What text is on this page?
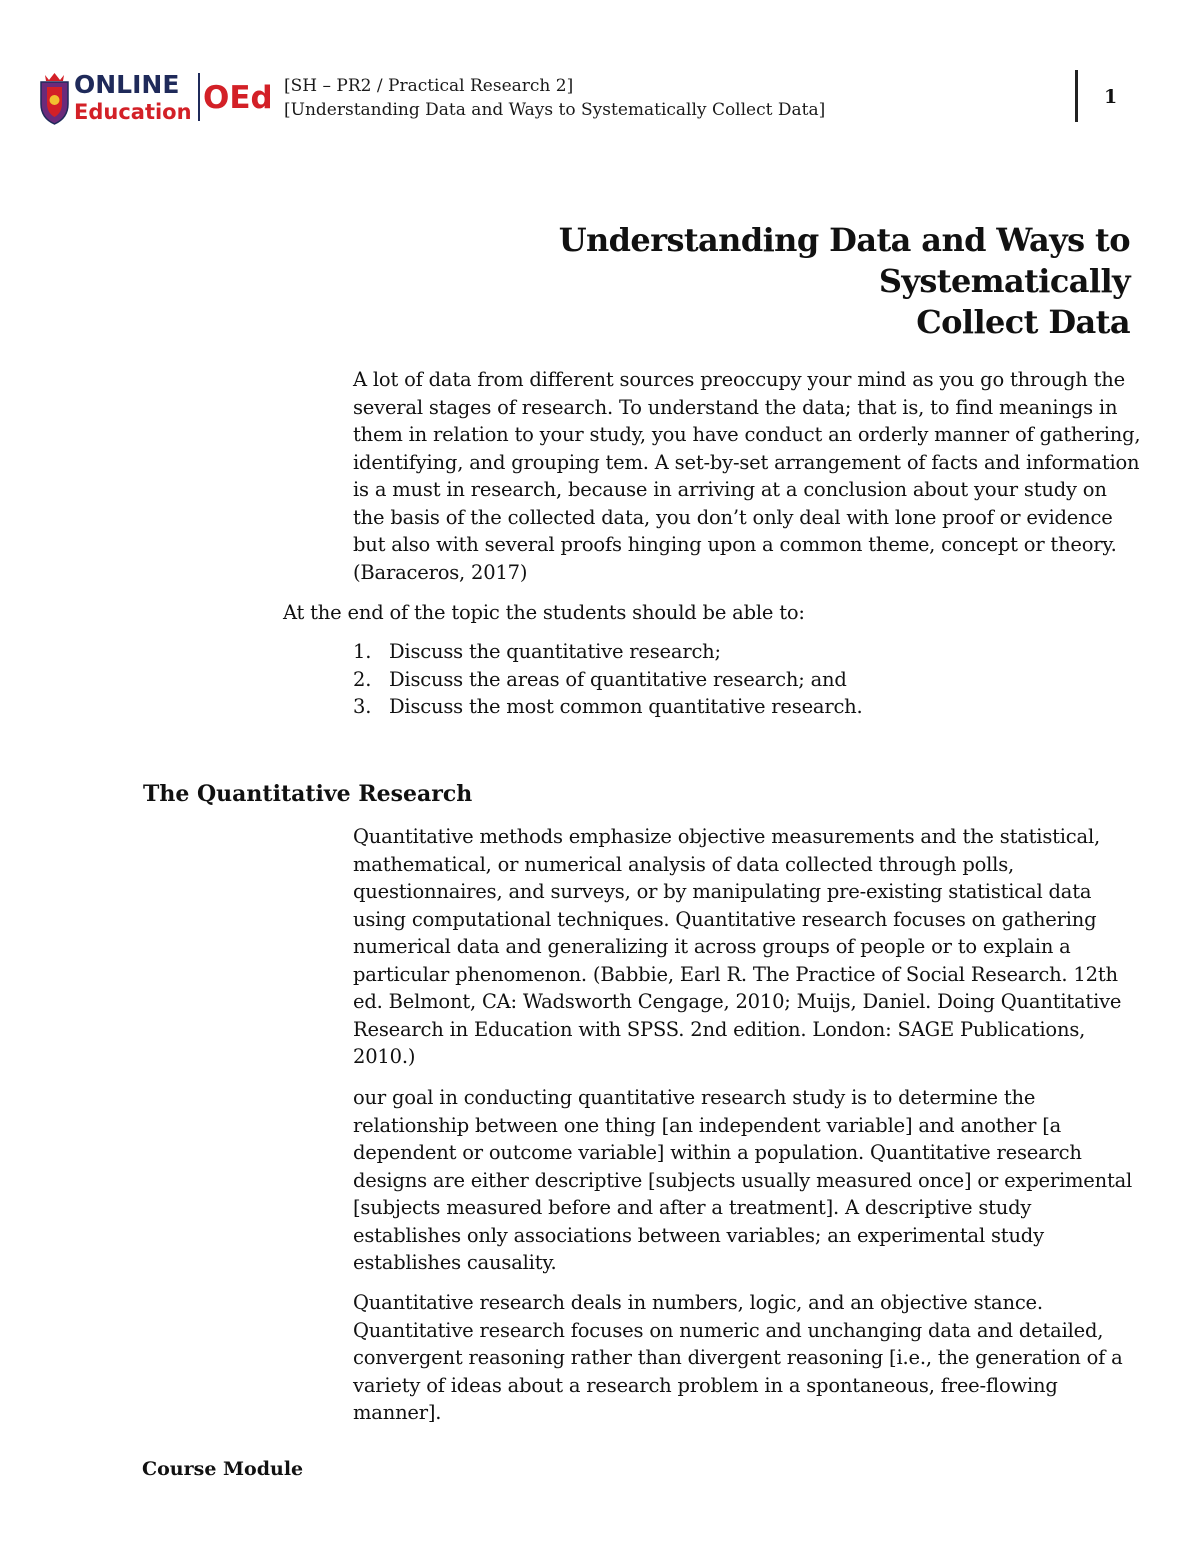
ONLINE
Education OEd [SH – PR2 / Practical Research 2]
[Understanding Data and Ways to Systematically Collect Data]
1
Understanding Data and Ways to Systematically
Collect Data

A lot of data from different sources preoccupy your mind as you go through the several stages of research. To understand the data; that is, to find meanings in them in relation to your study, you have conduct an orderly manner of gathering, identifying, and grouping tem. A set-by-set arrangement of facts and information is a must in research, because in arriving at a conclusion about your study on the basis of the collected data, you don’t only deal with lone proof or evidence but also with several proofs hinging upon a common theme, concept or theory. (Baraceros, 2017)

At the end of the topic the students should be able to:

1. Discuss the quantitative research;
2. Discuss the areas of quantitative research; and
3. Discuss the most common quantitative research.
The Quantitative Research

Quantitative methods emphasize objective measurements and the statistical, mathematical, or numerical analysis of data collected through polls, questionnaires, and surveys, or by manipulating pre-existing statistical data using computational techniques. Quantitative research focuses on gathering numerical data and generalizing it across groups of people or to explain a particular phenomenon. (Babbie, Earl R. The Practice of Social Research. 12th ed. Belmont, CA: Wadsworth Cengage, 2010; Muijs, Daniel. Doing Quantitative Research in Education with SPSS. 2nd edition. London: SAGE Publications, 2010.)

our goal in conducting quantitative research study is to determine the relationship between one thing [an independent variable] and another [a dependent or outcome variable] within a population. Quantitative research designs are either descriptive [subjects usually measured once] or experimental [subjects measured before and after a treatment]. A descriptive study establishes only associations between variables; an experimental study establishes causality.

Quantitative research deals in numbers, logic, and an objective stance. Quantitative research focuses on numeric and unchanging data and detailed, convergent reasoning rather than divergent reasoning [i.e., the generation of a variety of ideas about a research problem in a spontaneous, free-flowing manner].

Course Module
